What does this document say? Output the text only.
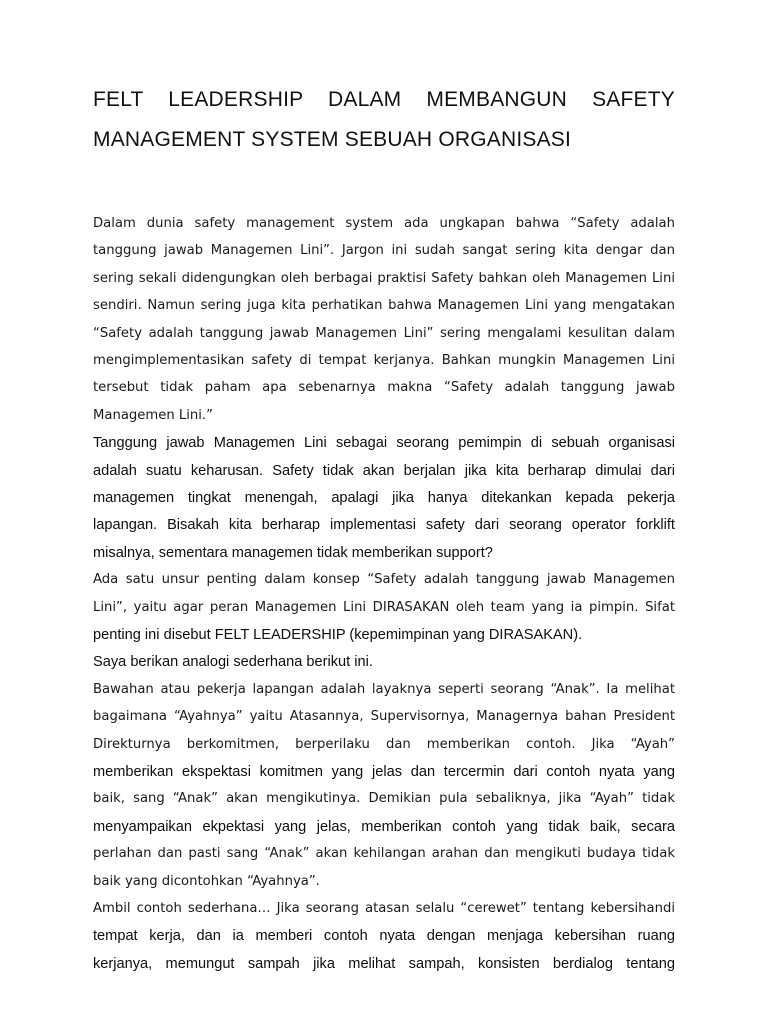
FELT LEADERSHIP DALAM MEMBANGUN SAFETY
MANAGEMENT SYSTEM SEBUAH ORGANISASI
Dalam dunia safety management system ada ungkapan bahwa “Safety adalah
tanggung jawab Managemen Lini”. Jargon ini sudah sangat sering kita dengar dan
sering sekali didengungkan oleh berbagai praktisi Safety bahkan oleh Managemen Lini
sendiri. Namun sering juga kita perhatikan bahwa Managemen Lini yang mengatakan
“Safety adalah tanggung jawab Managemen Lini” sering mengalami kesulitan dalam
mengimplementasikan safety di tempat kerjanya. Bahkan mungkin Managemen Lini
tersebut tidak paham apa sebenarnya makna “Safety adalah tanggung jawab
Managemen Lini.”
Tanggung jawab Managemen Lini sebagai seorang pemimpin di sebuah organisasi
adalah suatu keharusan. Safety tidak akan berjalan jika kita berharap dimulai dari
managemen tingkat menengah, apalagi jika hanya ditekankan kepada pekerja
lapangan. Bisakah kita berharap implementasi safety dari seorang operator forklift
misalnya, sementara managemen tidak memberikan support?
Ada satu unsur penting dalam konsep “Safety adalah tanggung jawab Managemen
Lini”, yaitu agar peran Managemen Lini DIRASAKAN oleh team yang ia pimpin. Sifat
penting ini disebut FELT LEADERSHIP (kepemimpinan yang DIRASAKAN).
Saya berikan analogi sederhana berikut ini.
Bawahan atau pekerja lapangan adalah layaknya seperti seorang “Anak”. Ia melihat
bagaimana “Ayahnya” yaitu Atasannya, Supervisornya, Managernya bahan President
Direkturnya berkomitmen, berperilaku dan memberikan contoh. Jika “Ayah”
memberikan ekspektasi komitmen yang jelas dan tercermin dari contoh nyata yang
baik, sang “Anak” akan mengikutinya. Demikian pula sebaliknya, jika “Ayah” tidak
menyampaikan ekpektasi yang jelas, memberikan contoh yang tidak baik, secara
perlahan dan pasti sang “Anak” akan kehilangan arahan dan mengikuti budaya tidak
baik yang dicontohkan “Ayahnya”.
Ambil contoh sederhana… Jika seorang atasan selalu “cerewet” tentang kebersihandi
tempat kerja, dan ia memberi contoh nyata dengan menjaga kebersihan ruang
kerjanya, memungut sampah jika melihat sampah, konsisten berdialog tentang
